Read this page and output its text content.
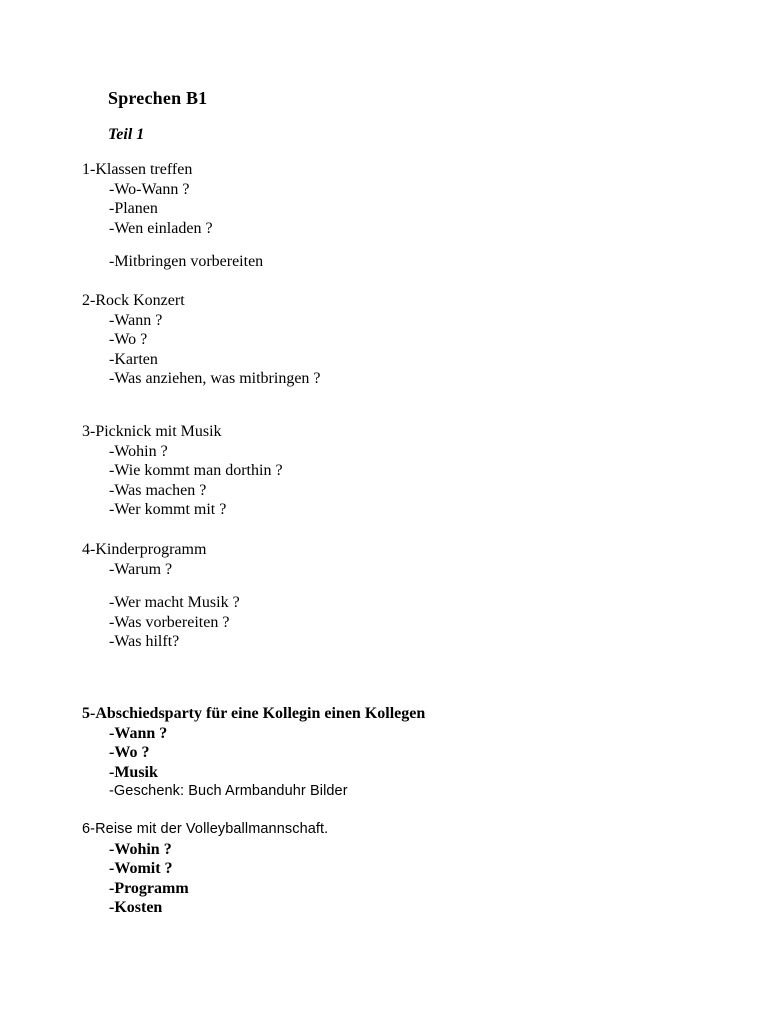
Sprechen B1
Teil 1
1-Klassen treffen
-Wo-Wann ?
-Planen
-Wen einladen ?
-Mitbringen vorbereiten
2-Rock Konzert
-Wann ?
-Wo ?
-Karten
-Was anziehen, was mitbringen ?
3-Picknick mit Musik
-Wohin ?
-Wie kommt man dorthin ?
-Was machen ?
-Wer kommt mit ?
4-Kinderprogramm
-Warum ?
-Wer macht Musik ?
-Was vorbereiten ?
-Was hilft?
5-Abschiedsparty für eine Kollegin einen Kollegen
-Wann ?
-Wo ?
-Musik
-Geschenk: Buch Armbanduhr Bilder
6-Reise mit der Volleyballmannschaft.
-Wohin ?
-Womit ?
-Programm
-Kosten
